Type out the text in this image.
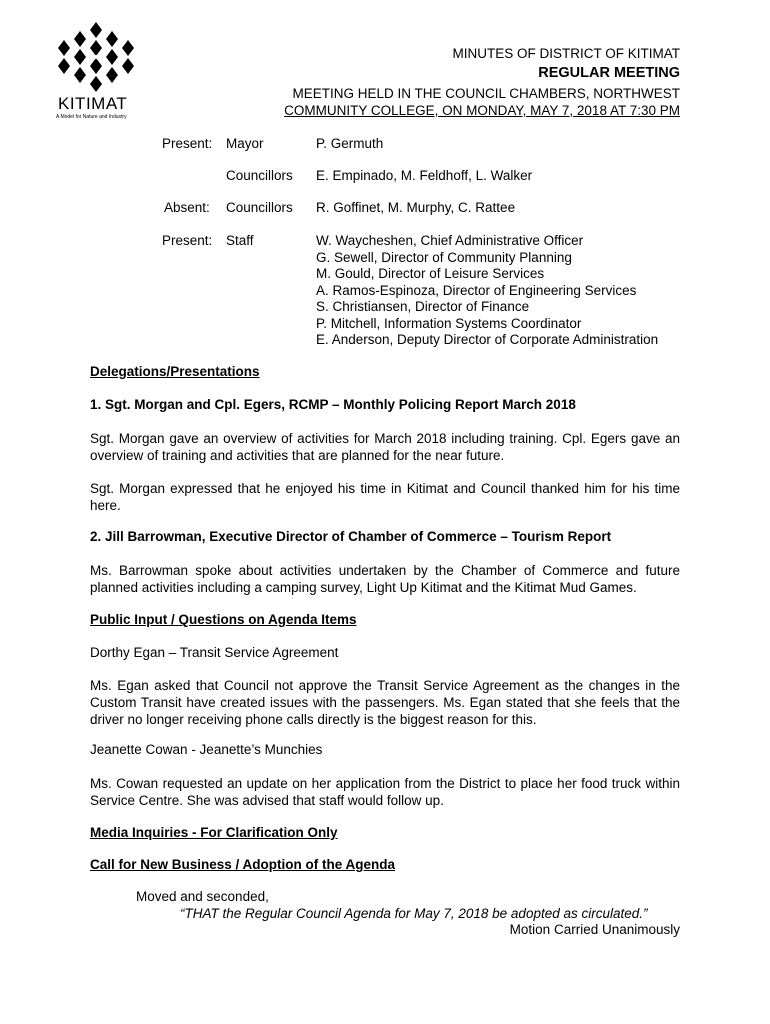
KITIMAT
A Model for Nature and Industry
MINUTES OF DISTRICT OF KITIMAT
REGULAR MEETING
MEETING HELD IN THE COUNCIL CHAMBERS, NORTHWEST
COMMUNITY COLLEGE, ON MONDAY, MAY 7, 2018 AT 7:30 PM
Present: Mayor	P. Germuth
Councillors E. Empinado, M. Feldhoff, L. Walker
Absent: Councillors R. Goffinet, M. Murphy, C. Rattee
Present: Staff	W. Waycheshen, Chief Administrative Officer
G. Sewell, Director of Community Planning
M. Gould, Director of Leisure Services
A. Ramos-Espinoza, Director of Engineering Services
S. Christiansen, Director of Finance
P. Mitchell, Information Systems Coordinator
E. Anderson, Deputy Director of Corporate Administration
Delegations/Presentations
1. Sgt. Morgan and Cpl. Egers, RCMP – Monthly Policing Report March 2018
Sgt. Morgan gave an overview of activities for March 2018 including training. Cpl. Egers gave an overview of training and activities that are planned for the near future.
Sgt. Morgan expressed that he enjoyed his time in Kitimat and Council thanked him for his time here.
2. Jill Barrowman, Executive Director of Chamber of Commerce – Tourism Report
Ms. Barrowman spoke about activities undertaken by the Chamber of Commerce and future planned activities including a camping survey, Light Up Kitimat and the Kitimat Mud Games.
Public Input / Questions on Agenda Items
Dorthy Egan – Transit Service Agreement
Ms. Egan asked that Council not approve the Transit Service Agreement as the changes in the Custom Transit have created issues with the passengers. Ms. Egan stated that she feels that the driver no longer receiving phone calls directly is the biggest reason for this.
Jeanette Cowan - Jeanette’s Munchies
Ms. Cowan requested an update on her application from the District to place her food truck within Service Centre. She was advised that staff would follow up.
Media Inquiries - For Clarification Only
Call for New Business / Adoption of the Agenda
Moved and seconded,
“THAT the Regular Council Agenda for May 7, 2018 be adopted as circulated.”
Motion Carried Unanimously
